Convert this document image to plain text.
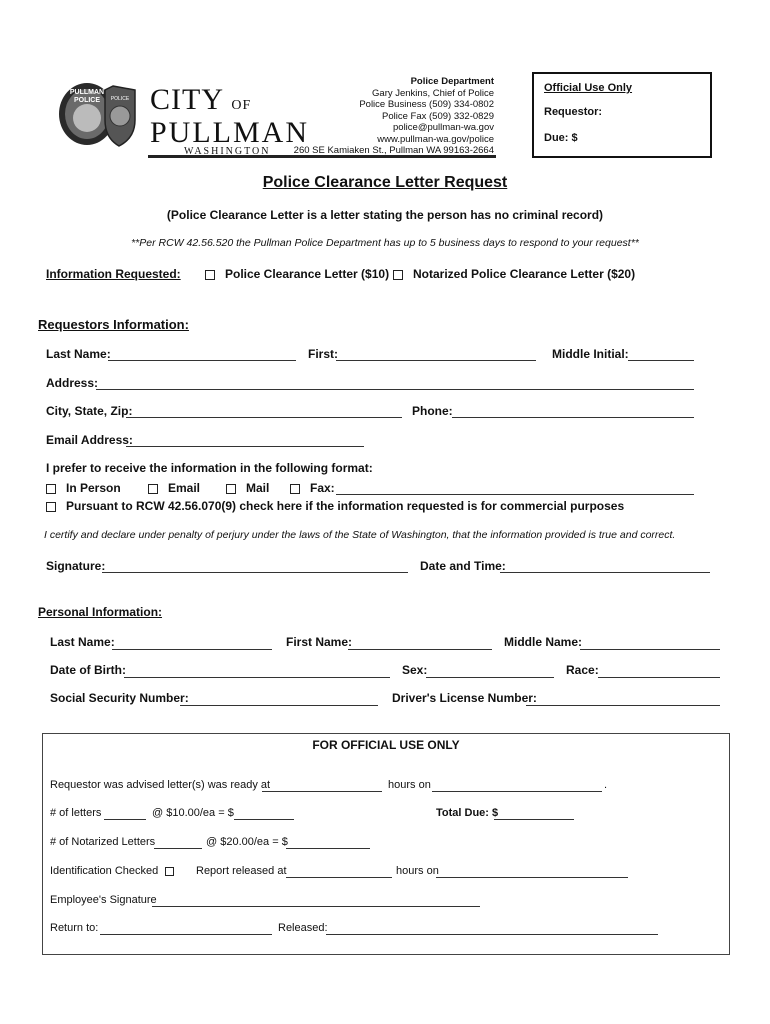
PULLMAN
POLICE POLICE CITY OF
PULLMAN
WASHINGTON
Police Department
Gary Jenkins, Chief of Police
Police Business (509) 334-0802
Police Fax (509) 332-0829
police@pullman-wa.gov
www.pullman-wa.gov/police
260 SE Kamiaken St., Pullman WA 99163-2664
Official Use Only
Requestor:
Due: $
Police Clearance Letter Request
(Police Clearance Letter is a letter stating the person has no criminal record)
**Per RCW 42.56.520 the Pullman Police Department has up to 5 business days to respond to your request**
Information Requested:	Police Clearance Letter ($10)	Notarized Police Clearance Letter ($20)
Requestors Information:
Last Name:	First:	Middle Initial:
Address:
City, State, Zip:	Phone:
Email Address:
I prefer to receive the information in the following format:
In Person	Email	Mail	Fax:
Pursuant to RCW 42.56.070(9) check here if the information requested is for commercial purposes
I certify and declare under penalty of perjury under the laws of the State of Washington, that the information provided is true and correct.
Signature:	Date and Time:
Personal Information:
Last Name:	First Name:	Middle Name:
Date of Birth:	Sex:	Race:
Social Security Number:	Driver's License Number:
FOR OFFICIAL USE ONLY
Requestor was advised letter(s) was ready at	hours on	.
# of letters	@ $10.00/ea = $	Total Due: $
# of Notarized Letters	@ $20.00/ea = $
Identification Checked	Report released at	hours on
Employee's Signature
Return to:	Released:
